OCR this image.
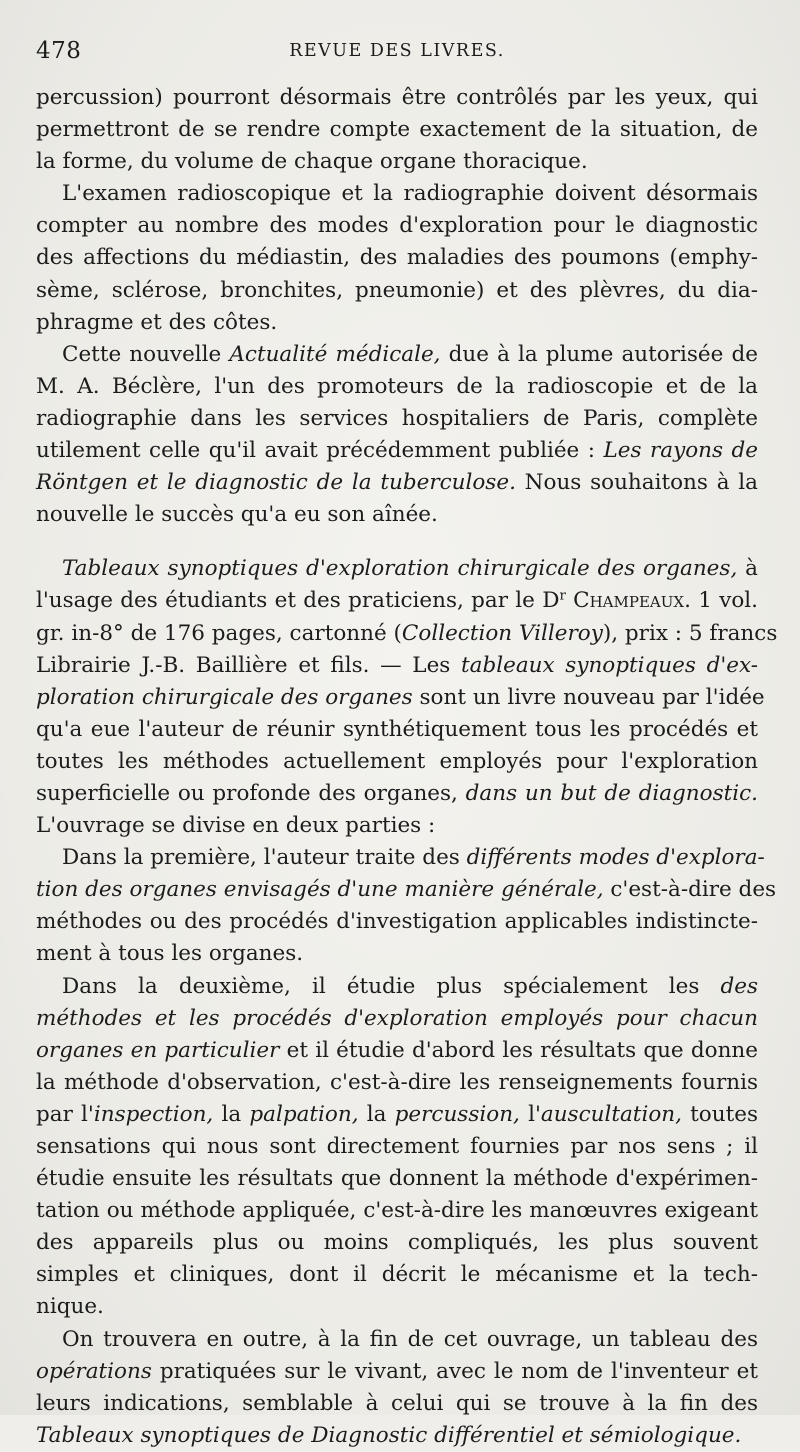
478	REVUE DES LIVRES.
percussion) pourront désormais être contrôlés par les yeux, qui
permettront de se rendre compte exactement de la situation, de
la forme, du volume de chaque organe thoracique.
L'examen radioscopique et la radiographie doivent désormais
compter au nombre des modes d'exploration pour le diagnostic
des affections du médiastin, des maladies des poumons (emphy-
sème, sclérose, bronchites, pneumonie) et des plèvres, du dia-
phragme et des côtes.
Cette nouvelle Actualité médicale, due à la plume autorisée de
M. A. Béclère, l'un des promoteurs de la radioscopie et de la
radiographie dans les services hospitaliers de Paris, complète
utilement celle qu'il avait précédemment publiée : Les rayons de
Röntgen et le diagnostic de la tuberculose. Nous souhaitons à la
nouvelle le succès qu'a eu son aînée.
Tableaux synoptiques d'exploration chirurgicale des organes, à
l'usage des étudiants et des praticiens, par le $D^r$ Champeaux. 1 vol.
gr. in-8° de 176 pages, cartonné (Collection Villeroy), prix : 5 francs
Librairie J.-B. Baillière et fils. — Les tableaux synoptiques d'ex-
ploration chirurgicale des organes sont un livre nouveau par l'idée
qu'a eue l'auteur de réunir synthétiquement tous les procédés et
toutes les méthodes actuellement employés pour l'exploration
superficielle ou profonde des organes, dans un but de diagnostic.
L'ouvrage se divise en deux parties :
Dans la première, l'auteur traite des différents modes d'explora-
tion des organes envisagés d'une manière générale, c'est-à-dire des
méthodes ou des procédés d'investigation applicables indistincte-
ment à tous les organes.
Dans la deuxième, il étudie plus spécialement les des
méthodes et les procédés d'exploration employés pour chacun
organes en particulier et il étudie d'abord les résultats que donne
la méthode d'observation, c'est-à-dire les renseignements fournis
par l'inspection, la palpation, la percussion, l'auscultation, toutes
sensations qui nous sont directement fournies par nos sens ; il
étudie ensuite les résultats que donnent la méthode d'expérimen-
tation ou méthode appliquée, c'est-à-dire les manœuvres exigeant
des appareils plus ou moins compliqués, les plus souvent
simples et cliniques, dont il décrit le mécanisme et la tech-
nique.
On trouvera en outre, à la fin de cet ouvrage, un tableau des
opérations pratiquées sur le vivant, avec le nom de l'inventeur et
leurs indications, semblable à celui qui se trouve à la fin des
Tableaux synoptiques de Diagnostic différentiel et sémiologique.
